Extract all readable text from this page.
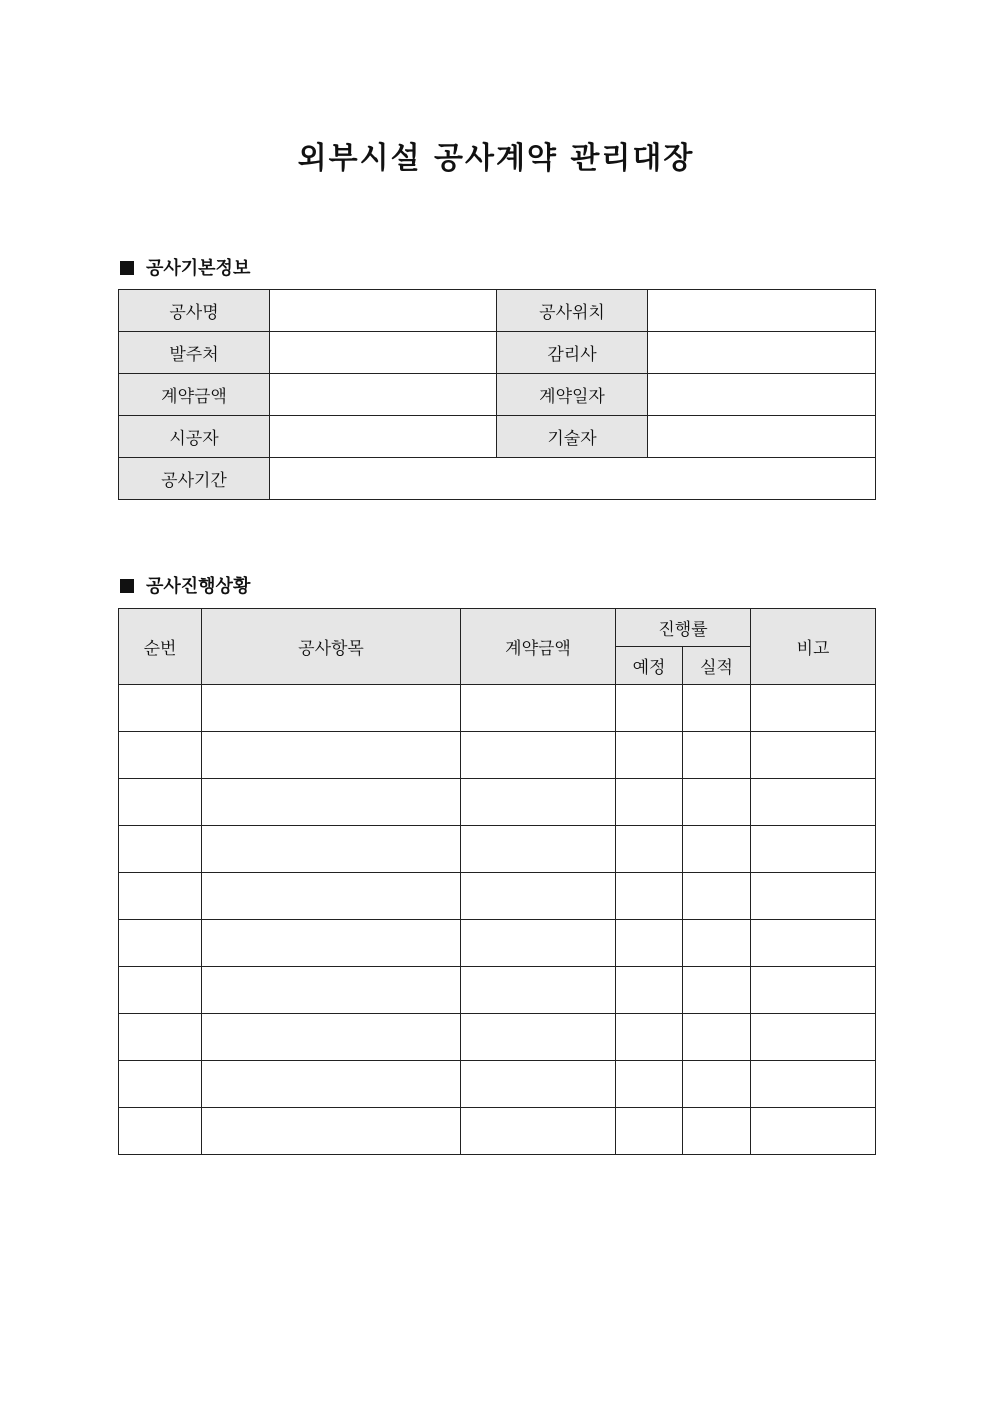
외부시설 공사계약 관리대장
공사기본정보
공사명		공사위치	
발주처		감리사	
계약금액		계약일자	
시공자		기술자	
공사기간			
공사진행상황
순번	공사항목	계약금액	진행률		비고
			예정	실적	
